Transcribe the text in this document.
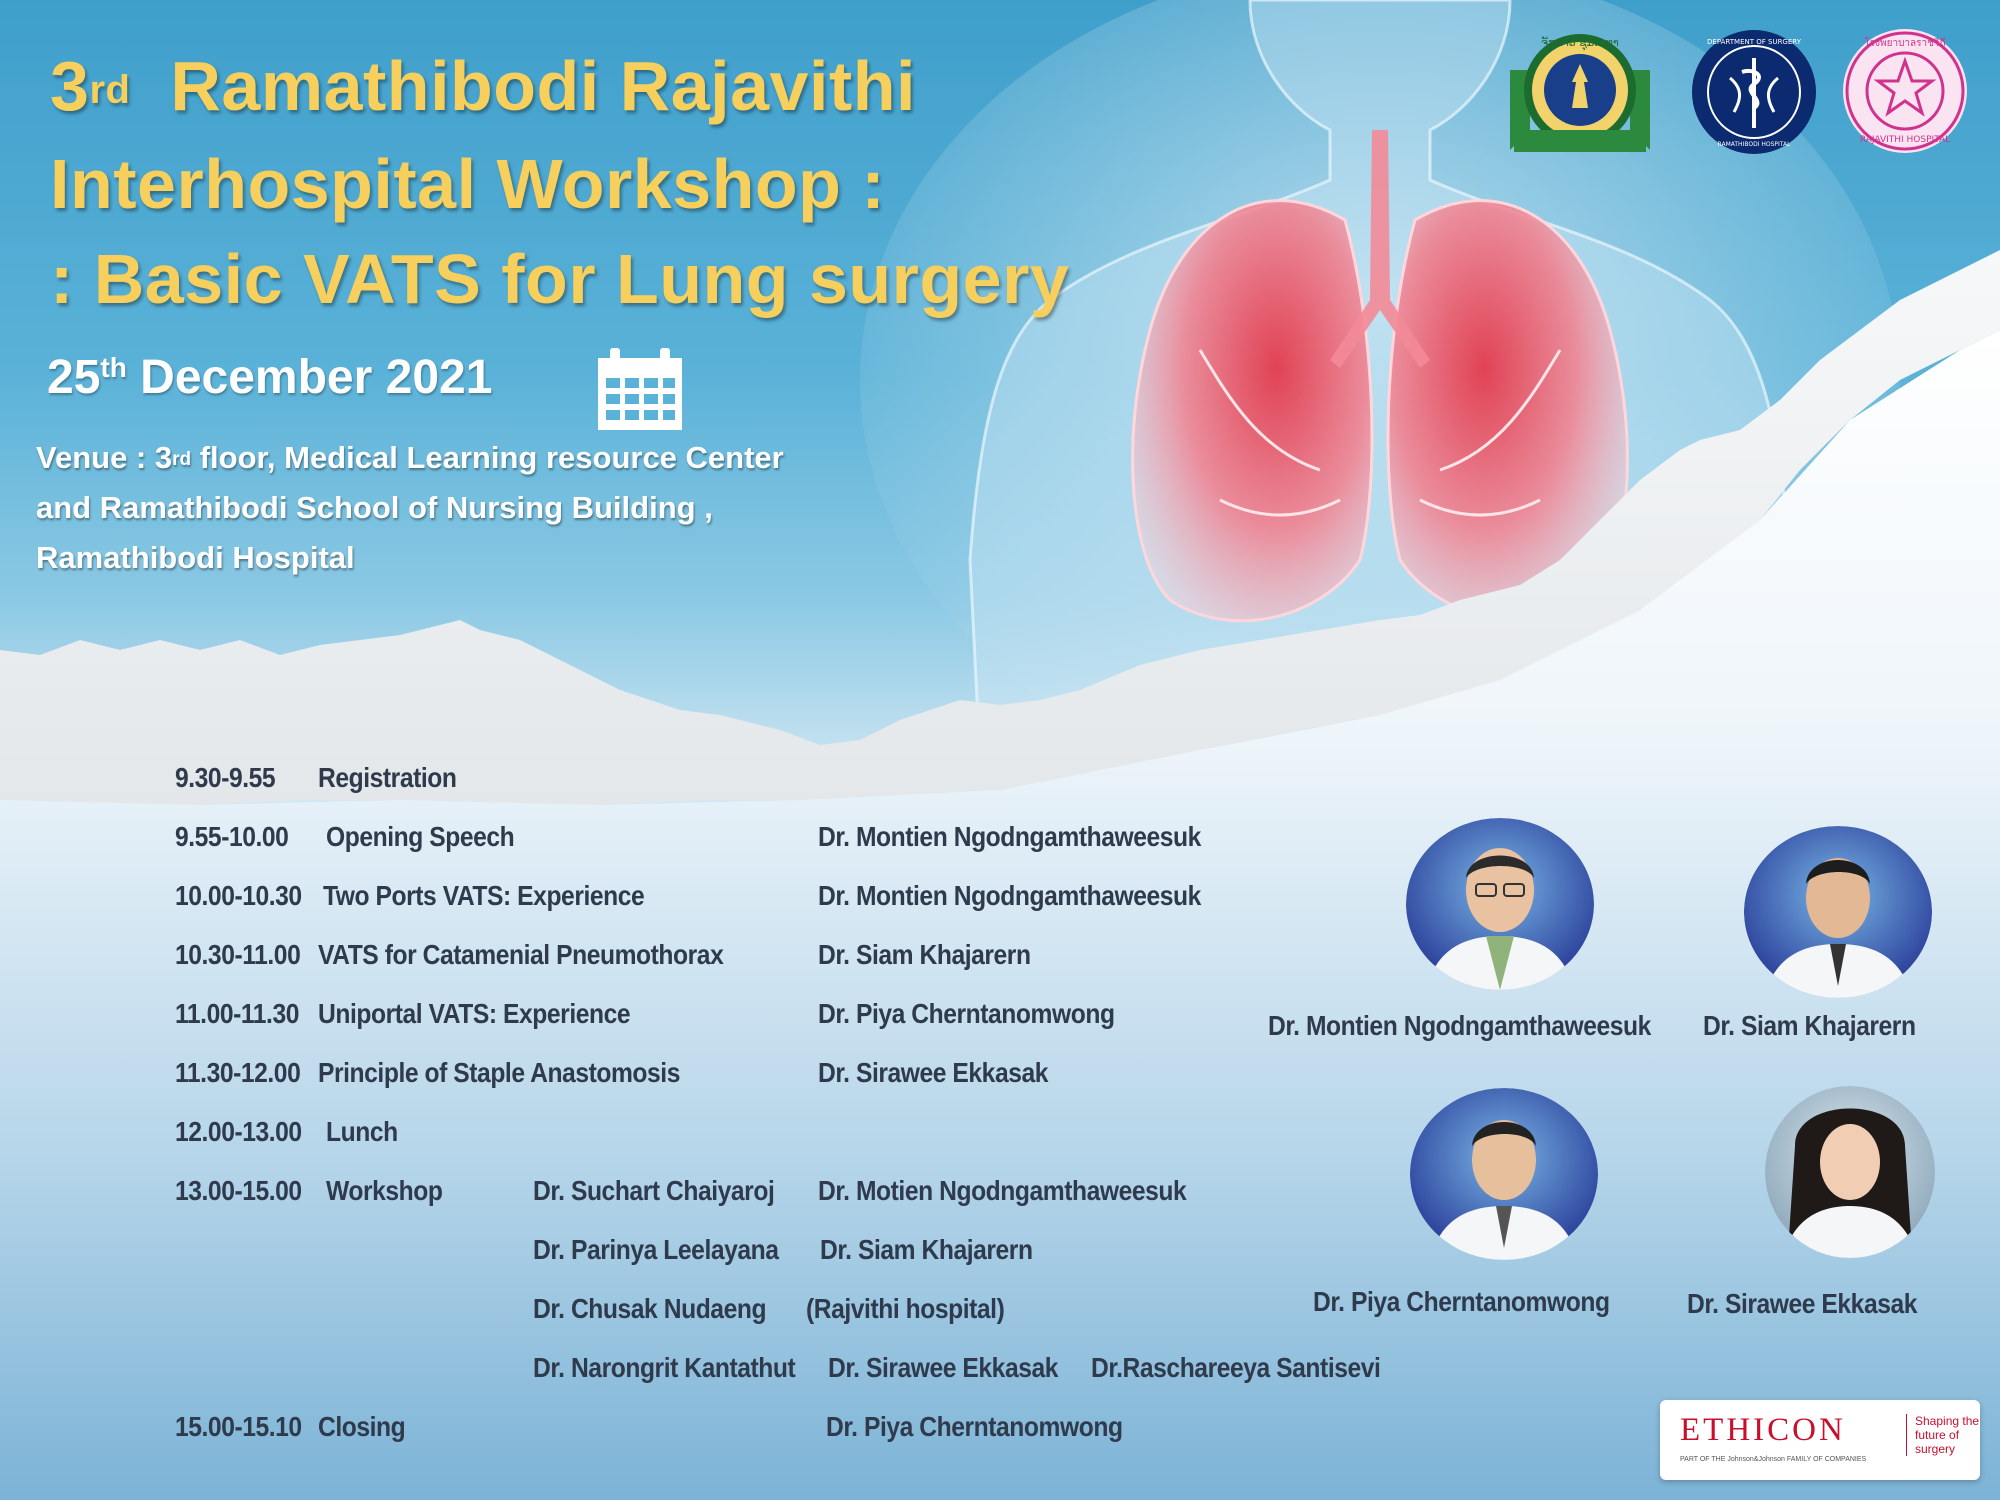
3rd Ramathibodi Rajavithi
Interhospital Workshop :
: Basic VATS for Lung surgery
25th December 2021
Venue : 3rd floor, Medical Learning resource Center
and Ramathibodi School of Nursing Building ,
Ramathibodi Hospital
ຈັກກາວີ ຊຸມສ ທາ	DEPARTMENT OF SURGERY
RAMATHIBODI HOSPITAL
โรงพยาบาลราชวิถี
RAJAVITHI HOSPITAL
9.30-9.55 Registration
9.55-10.00 Opening Speech	Dr. Montien Ngodngamthaweesuk
10.00-10.30 Two Ports VATS: Experience	Dr. Montien Ngodngamthaweesuk
10.30-11.00 VATS for Catamenial Pneumothorax	Dr. Siam Khajarern
11.00-11.30 Uniportal VATS: Experience	Dr. Piya Cherntanomwong
11.30-12.00 Principle of Staple Anastomosis	Dr. Sirawee Ekkasak
12.00-13.00 Lunch
13.00-15.00 Workshop	Dr. Suchart Chaiyaroj Dr. Motien Ngodngamthaweesuk
Dr. Parinya Leelayana Dr. Siam Khajarern
Dr. Chusak Nudaeng (Rajvithi hospital)
Dr. Narongrit Kantathut Dr. Sirawee Ekkasak Dr.Raschareeya Santisevi
15.00-15.10 Closing	Dr. Piya Cherntanomwong
Dr. Montien Ngodngamthaweesuk Dr. Siam Khajarern
Dr. Piya Cherntanomwong	Dr. Sirawee Ekkasak
ETHICON
PART OF THE Johnson&Johnson FAMILY OF COMPANIES
Shaping the future of surgery
